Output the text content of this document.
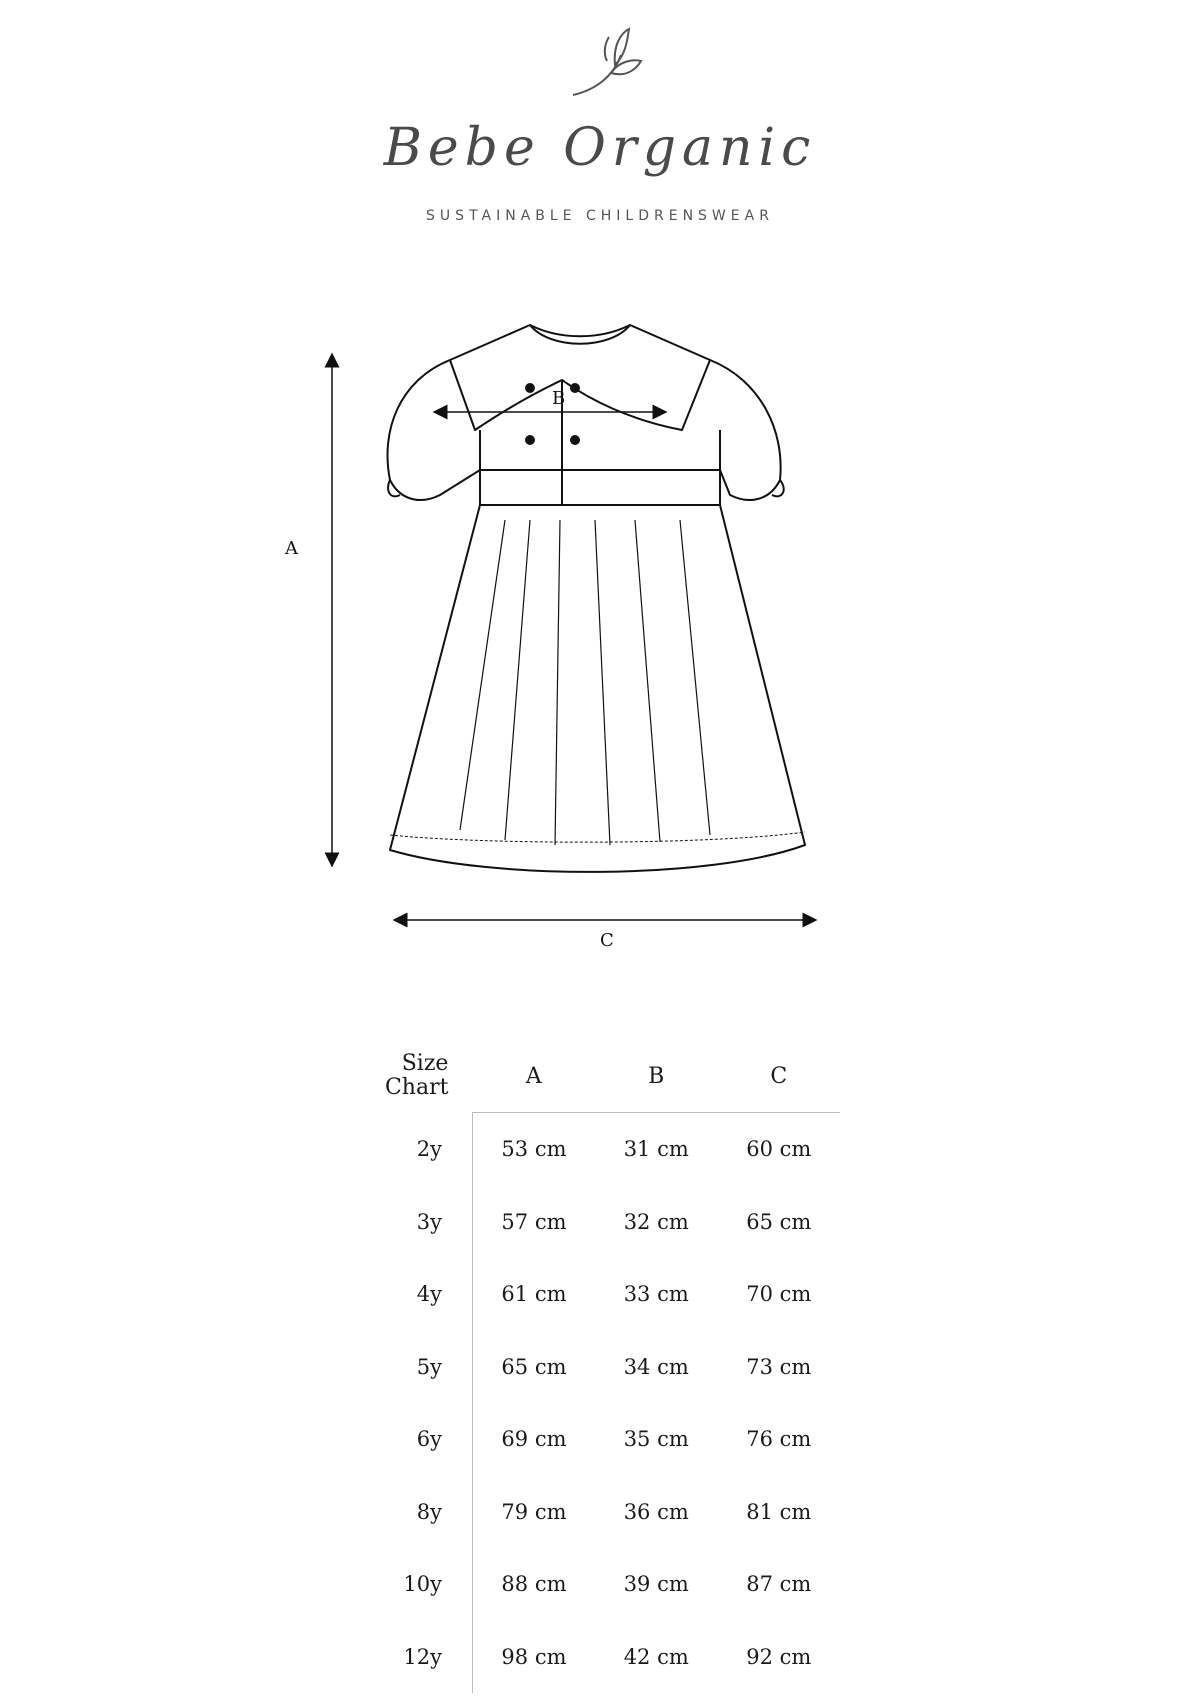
Bebe Organic
SUSTAINABLE CHILDRENSWEAR
A
B
C
Size
Chart	A	B	C
2y	53 cm	31 cm	60 cm
3y	57 cm	32 cm	65 cm
4y	61 cm	33 cm	70 cm
5y	65 cm	34 cm	73 cm
6y	69 cm	35 cm	76 cm
8y	79 cm	36 cm	81 cm
10y	88 cm	39 cm	87 cm
12y	98 cm	42 cm	92 cm
